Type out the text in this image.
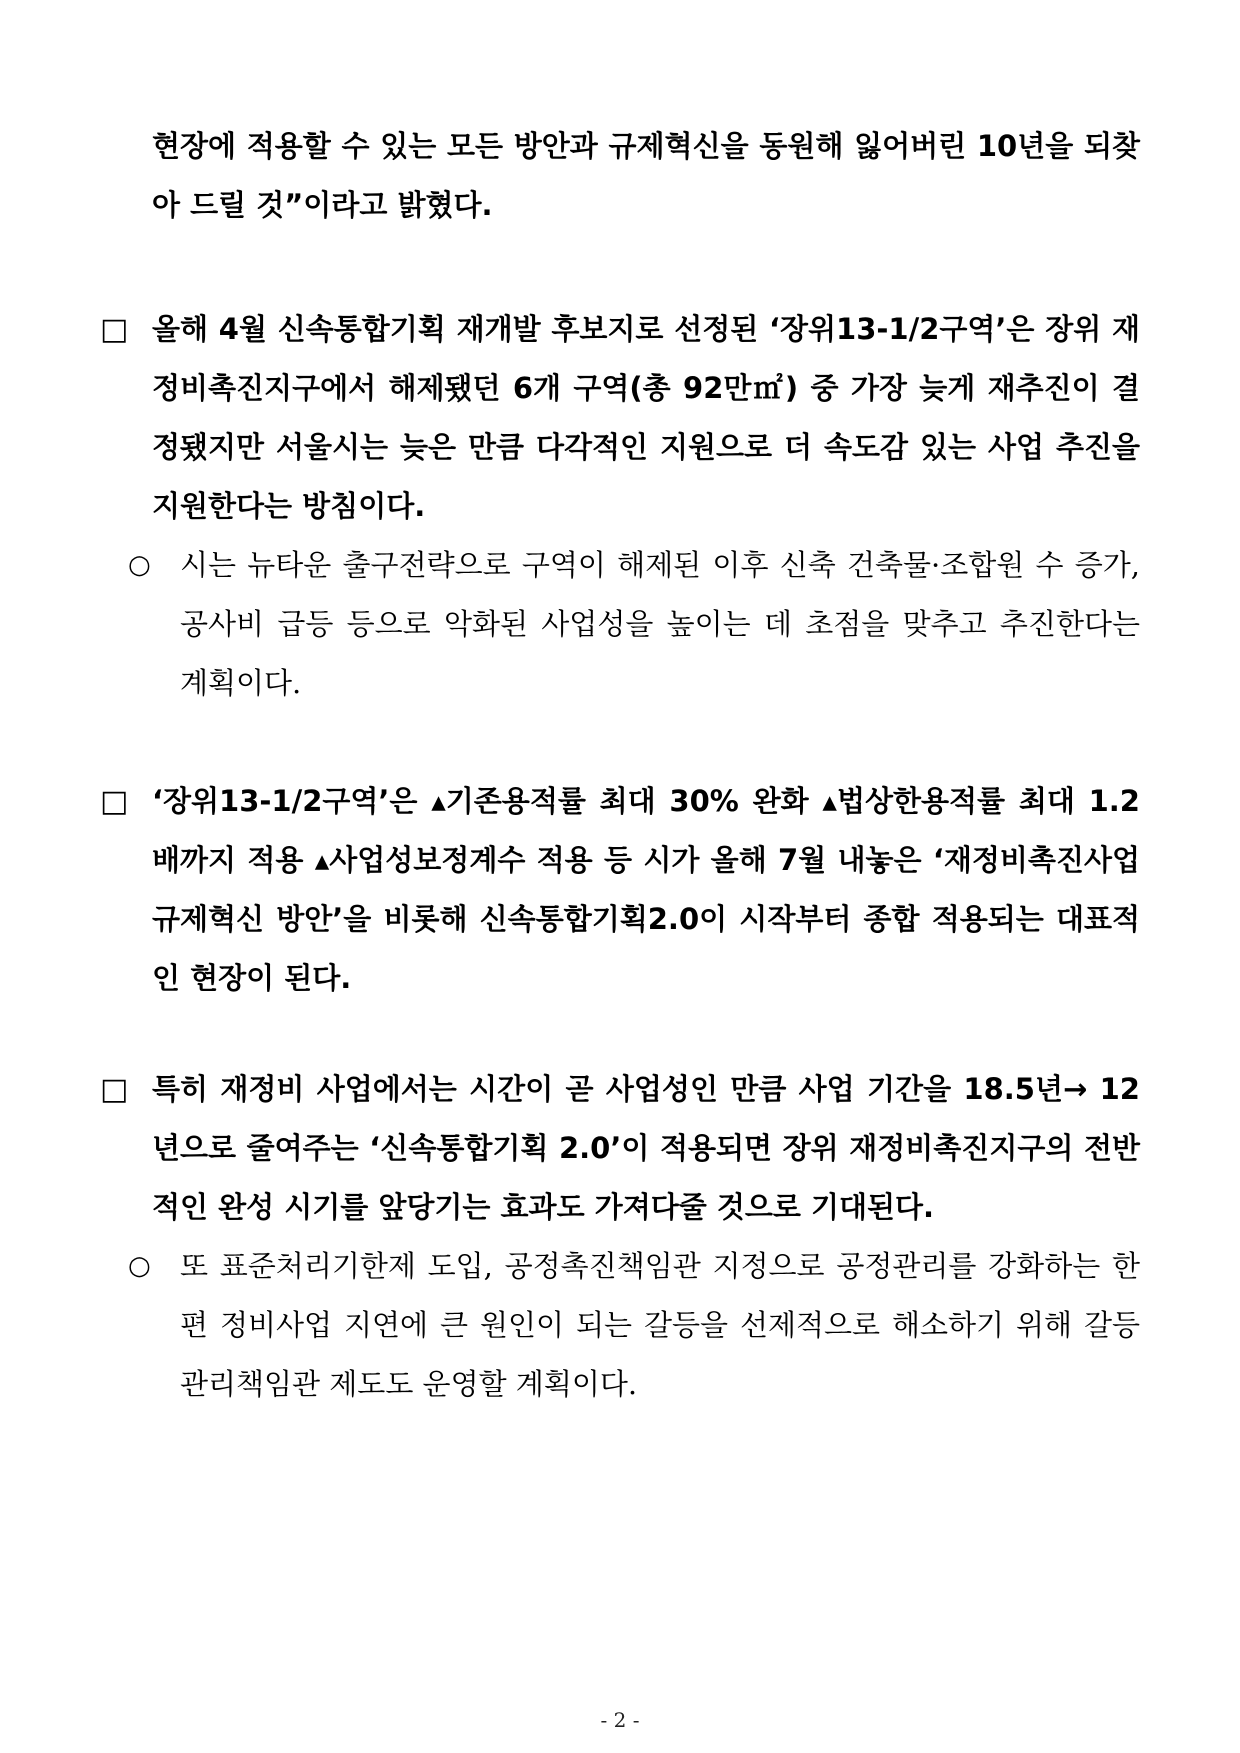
현장에 적용할 수 있는 모든 방안과 규제혁신을 동원해 잃어버린 10년을 되찾아 드릴 것”이라고 밝혔다.
□ 올해 4월 신속통합기획 재개발 후보지로 선정된 ‘장위13-1/2구역’은 장위 재정비촉진지구에서 해제됐던 6개 구역(총 92만㎡) 중 가장 늦게 재추진이 결정됐지만 서울시는 늦은 만큼 다각적인 지원으로 더 속도감 있는 사업 추진을 지원한다는 방침이다.
○ 시는 뉴타운 출구전략으로 구역이 해제된 이후 신축 건축물·조합원 수 증가, 공사비 급등 등으로 악화된 사업성을 높이는 데 초점을 맞추고 추진한다는 계획이다.
□ ‘장위13-1/2구역’은 ▴기존용적률 최대 30% 완화 ▴법상한용적률 최대 1.2배까지 적용 ▴사업성보정계수 적용 등 시가 올해 7월 내놓은 ‘재정비촉진사업 규제혁신 방안’을 비롯해 신속통합기획2.0이 시작부터 종합 적용되는 대표적인 현장이 된다.
□ 특히 재정비 사업에서는 시간이 곧 사업성인 만큼 사업 기간을 18.5년→ 12년으로 줄여주는 ‘신속통합기획 2.0’이 적용되면 장위 재정비촉진지구의 전반적인 완성 시기를 앞당기는 효과도 가져다줄 것으로 기대된다.
○ 또 표준처리기한제 도입, 공정촉진책임관 지정으로 공정관리를 강화하는 한편 정비사업 지연에 큰 원인이 되는 갈등을 선제적으로 해소하기 위해 갈등관리책임관 제도도 운영할 계획이다.
- 2 -
